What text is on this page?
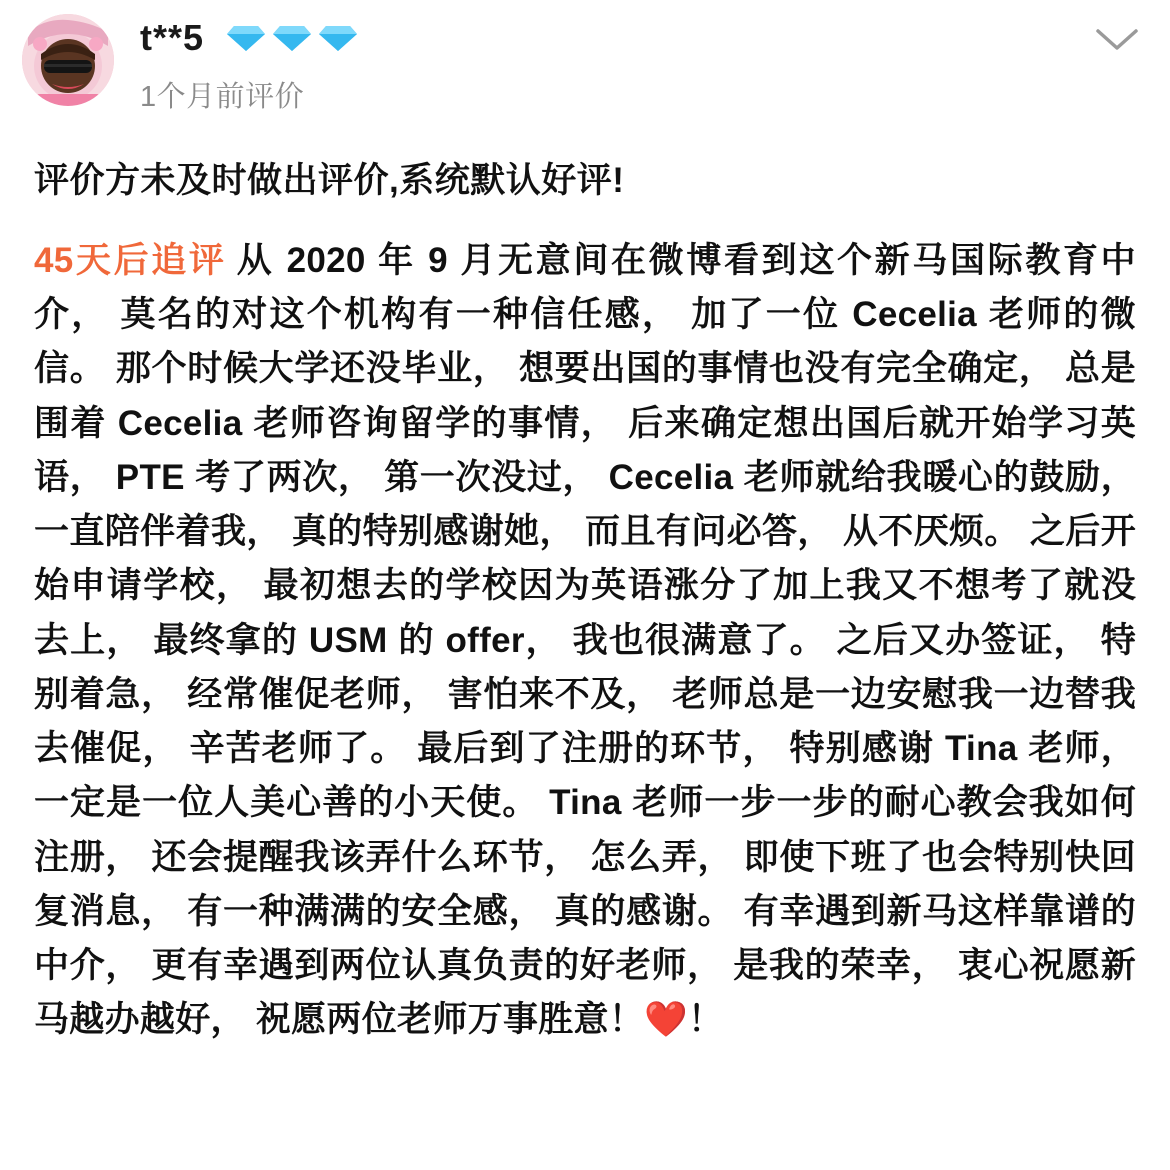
t**5
1个月前评价

评价方未及时做出评价,系统默认好评!

45天后追评 从 2020 年 9 月无意间在微博看到这个新马国际教育中介， 莫名的对这个机构有一种信任感， 加了一位 Cecelia 老师的微信。 那个时候大学还没毕业， 想要出国的事情也没有完全确定， 总是围着 Cecelia 老师咨询留学的事情， 后来确定想出国后就开始学习英语， PTE 考了两次， 第一次没过， Cecelia 老师就给我暖心的鼓励， 一直陪伴着我， 真的特别感谢她， 而且有问必答， 从不厌烦。 之后开始申请学校， 最初想去的学校因为英语涨分了加上我又不想考了就没去上， 最终拿的 USM 的 offer， 我也很满意了。 之后又办签证， 特别着急， 经常催促老师， 害怕来不及， 老师总是一边安慰我一边替我去催促， 辛苦老师了。 最后到了注册的环节， 特别感谢 Tina 老师， 一定是一位人美心善的小天使。 Tina 老师一步一步的耐心教会我如何注册， 还会提醒我该弄什么环节， 怎么弄， 即使下班了也会特别快回复消息， 有一种满满的安全感， 真的感谢。 有幸遇到新马这样靠谱的中介， 更有幸遇到两位认真负责的好老师， 是我的荣幸， 衷心祝愿新马越办越好， 祝愿两位老师万事胜意！❤️！
